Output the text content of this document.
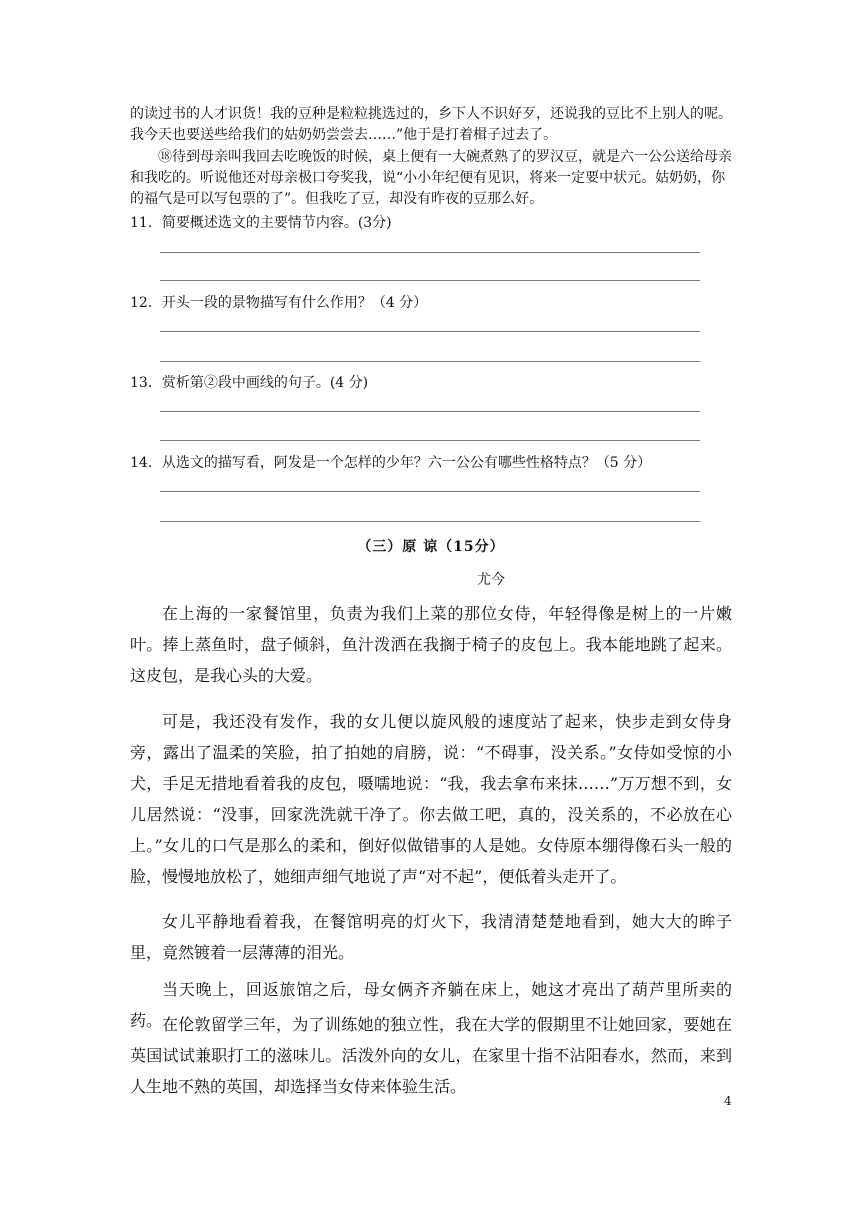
的读过书的人才识货！我的豆种是粒粒挑选过的，乡下人不识好歹，还说我的豆比不上别人的呢。我今天也要送些给我们的姑奶奶尝尝去……”他于是打着楫子过去了。

⑱待到母亲叫我回去吃晚饭的时候，桌上便有一大碗煮熟了的罗汉豆，就是六一公公送给母亲和我吃的。听说他还对母亲极口夸奖我，说“小小年纪便有见识，将来一定要中状元。姑奶奶，你的福气是可以写包票的了”。但我吃了豆，却没有昨夜的豆那么好。

11．简要概述选文的主要情节内容。(3分)

12．开头一段的景物描写有什么作用？（4 分）

13．赏析第②段中画线的句子。(4 分)

14．从选文的描写看，阿发是一个怎样的少年？六一公公有哪些性格特点？（5 分）

（三）原 谅（15分）

尤今

在上海的一家餐馆里，负责为我们上菜的那位女侍，年轻得像是树上的一片嫩叶。捧上蒸鱼时，盘子倾斜，鱼汁泼洒在我搁于椅子的皮包上。我本能地跳了起来。这皮包，是我心头的大爱。

可是，我还没有发作，我的女儿便以旋风般的速度站了起来，快步走到女侍身旁，露出了温柔的笑脸，拍了拍她的肩膀，说：“不碍事，没关系。”女侍如受惊的小犬，手足无措地看着我的皮包，嗫嚅地说：“我，我去拿布来抹……”万万想不到，女儿居然说：“没事，回家洗洗就干净了。你去做工吧，真的，没关系的，不必放在心上。”女儿的口气是那么的柔和，倒好似做错事的人是她。女侍原本绷得像石头一般的脸，慢慢地放松了，她细声细气地说了声“对不起”，便低着头走开了。

女儿平静地看着我，在餐馆明亮的灯火下，我清清楚楚地看到，她大大的眸子里，竟然镀着一层薄薄的泪光。

当天晚上，回返旅馆之后，母女俩齐齐躺在床上，她这才亮出了葫芦里所卖的药。 在伦敦留学三年，为了训练她的独立性，我在大学的假期里不让她回家，要她在英国试试兼职打工的滋味儿。活泼外向的女儿，在家里十指不沾阳春水，然而，来到人生地不熟的英国，却选择当女侍来体验生活。

4
